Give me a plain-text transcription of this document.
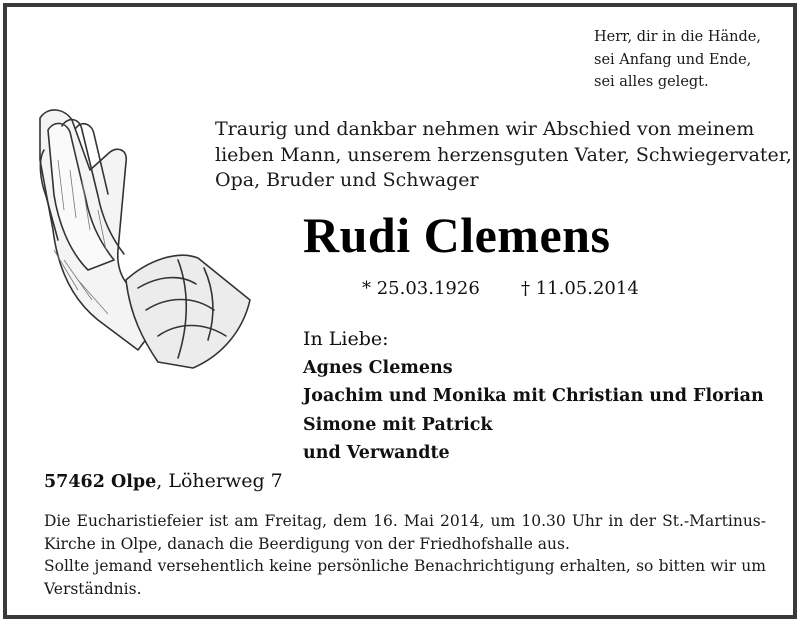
Herr, dir in die Hände,
sei Anfang und Ende,
sei alles gelegt.
Traurig und dankbar nehmen wir Abschied von meinem
lieben Mann, unserem herzensguten Vater, Schwiegervater,
Opa, Bruder und Schwager
Rudi Clemens
* 25.03.1926 † 11.05.2014
In Liebe:
Agnes Clemens
Joachim und Monika mit Christian und Florian
Simone mit Patrick
und Verwandte
57462 Olpe, Löherweg 7

Die Eucharistiefeier ist am Freitag, dem 16. Mai 2014, um 10.30 Uhr in der St.-Martinus-Kirche in Olpe, danach die Beerdigung von der Friedhofshalle aus.

Sollte jemand versehentlich keine persönliche Benachrichtigung erhalten, so bitten wir um Verständnis.
